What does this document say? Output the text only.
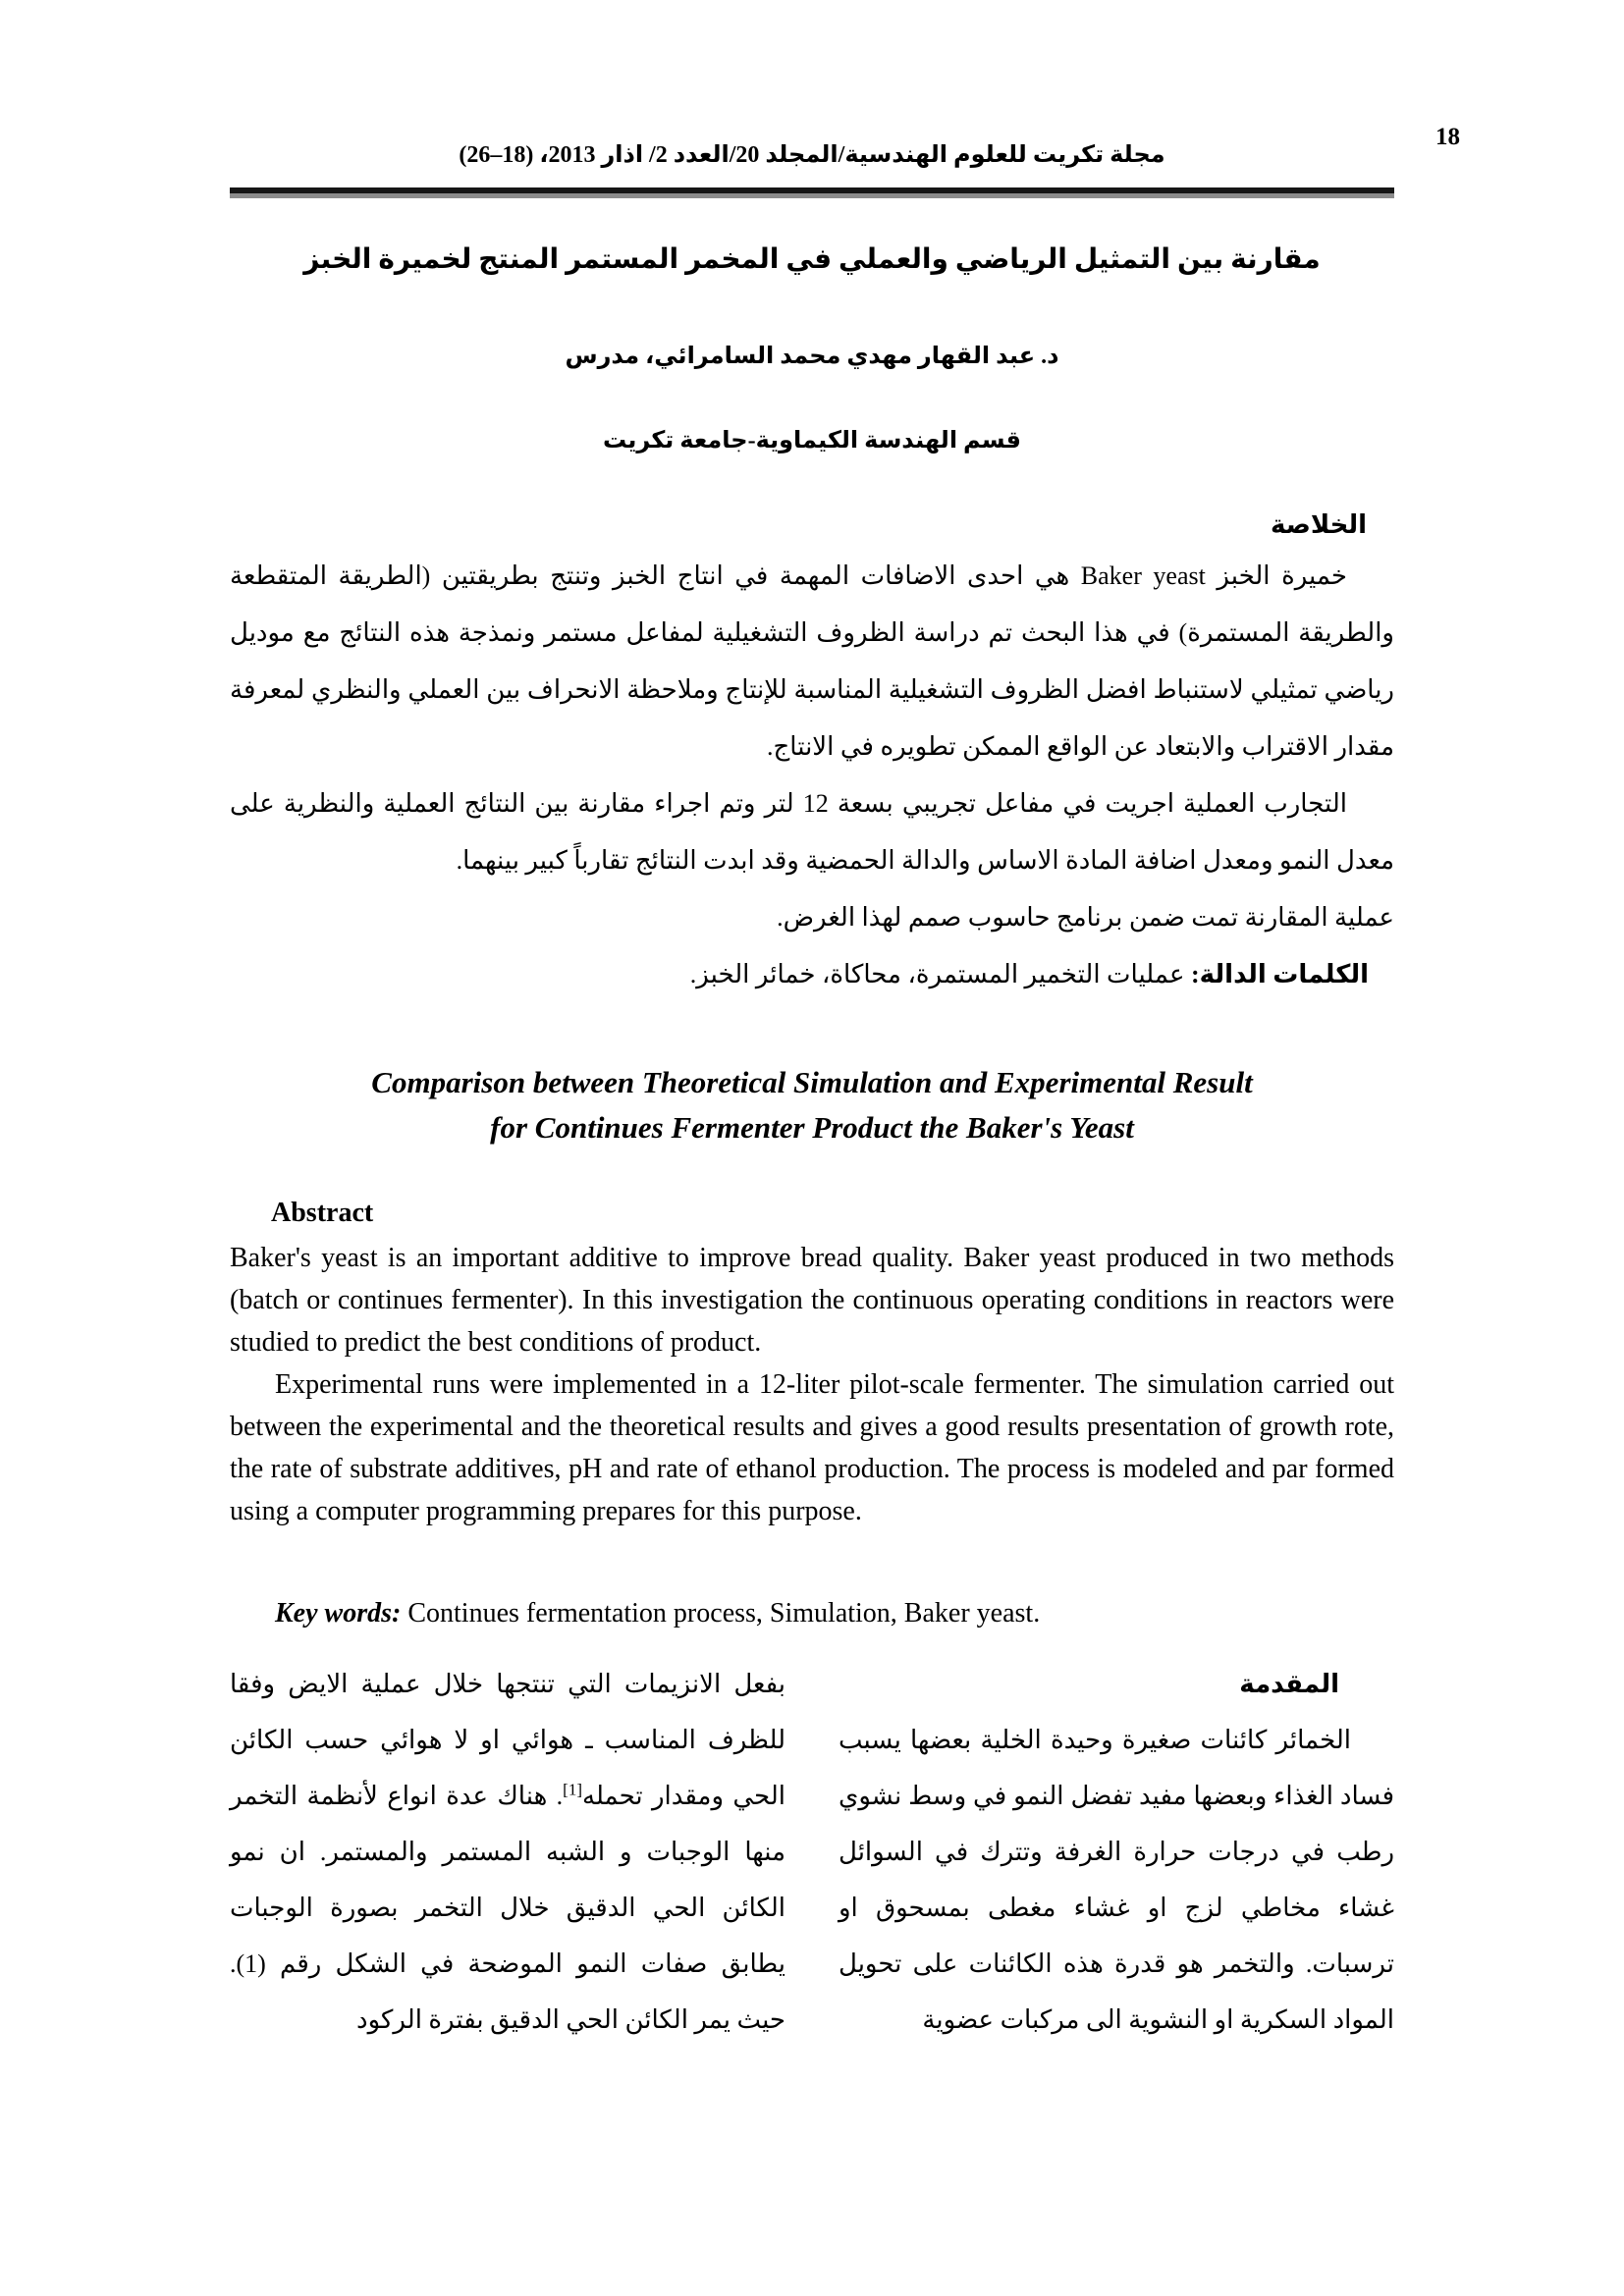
18
مجلة تكريت للعلوم الهندسية/المجلد 20/العدد 2/ اذار 2013، (18–26)
مقارنة بين التمثيل الرياضي والعملي في المخمر المستمر المنتج لخميرة الخبز
د. عبد القهار مهدي محمد السامرائي، مدرس
قسم الهندسة الكيماوية-جامعة تكريت
الخلاصة

خميرة الخبز Baker yeast هي احدى الاضافات المهمة في انتاج الخبز وتنتج بطريقتين (الطريقة المتقطعة والطريقة المستمرة) في هذا البحث تم دراسة الظروف التشغيلية لمفاعل مستمر ونمذجة هذه النتائج مع موديل رياضي تمثيلي لاستنباط افضل الظروف التشغيلية المناسبة للإنتاج وملاحظة الانحراف بين العملي والنظري لمعرفة مقدار الاقتراب والابتعاد عن الواقع الممكن تطويره في الانتاج.

التجارب العملية اجريت في مفاعل تجريبي بسعة 12 لتر وتم اجراء مقارنة بين النتائج العملية والنظرية على معدل النمو ومعدل اضافة المادة الاساس والدالة الحمضية وقد ابدت النتائج تقارباً كبير بينهما.

عملية المقارنة تمت ضمن برنامج حاسوب صمم لهذا الغرض.

الكلمات الدالة: عمليات التخمير المستمرة، محاكاة، خمائر الخبز.

Comparison between Theoretical Simulation and Experimental Result
for Continues Fermenter Product the Baker's Yeast
Abstract

Baker's yeast is an important additive to improve bread quality. Baker yeast produced in two methods (batch or continues fermenter). In this investigation the continuous operating conditions in reactors were studied to predict the best conditions of product.

Experimental runs were implemented in a 12-liter pilot-scale fermenter. The simulation carried out between the experimental and the theoretical results and gives a good results presentation of growth rote, the rate of substrate additives, pH and rate of ethanol production. The process is modeled and par formed using a computer programming prepares for this purpose.

Key words: Continues fermentation process, Simulation, Baker yeast.

المقدمة

الخمائر كائنات صغيرة وحيدة الخلية بعضها يسبب فساد الغذاء وبعضها مفيد تفضل النمو في وسط نشوي رطب في درجات حرارة الغرفة وتترك في السوائل غشاء مخاطي لزج او غشاء مغطى بمسحوق او ترسبات. والتخمر هو قدرة هذه الكائنات على تحويل المواد السكرية او النشوية الى مركبات عضوية

بفعل الانزيمات التي تنتجها خلال عملية الايض وفقا للظرف المناسب ـ هوائي او لا هوائي حسب الكائن الحي ومقدار تحمله[1]. هناك عدة انواع لأنظمة التخمر منها الوجبات و الشبه المستمر والمستمر. ان نمو الكائن الحي الدقيق خلال التخمر بصورة الوجبات يطابق صفات النمو الموضحة في الشكل رقم (1). حيث يمر الكائن الحي الدقيق بفترة الركود
